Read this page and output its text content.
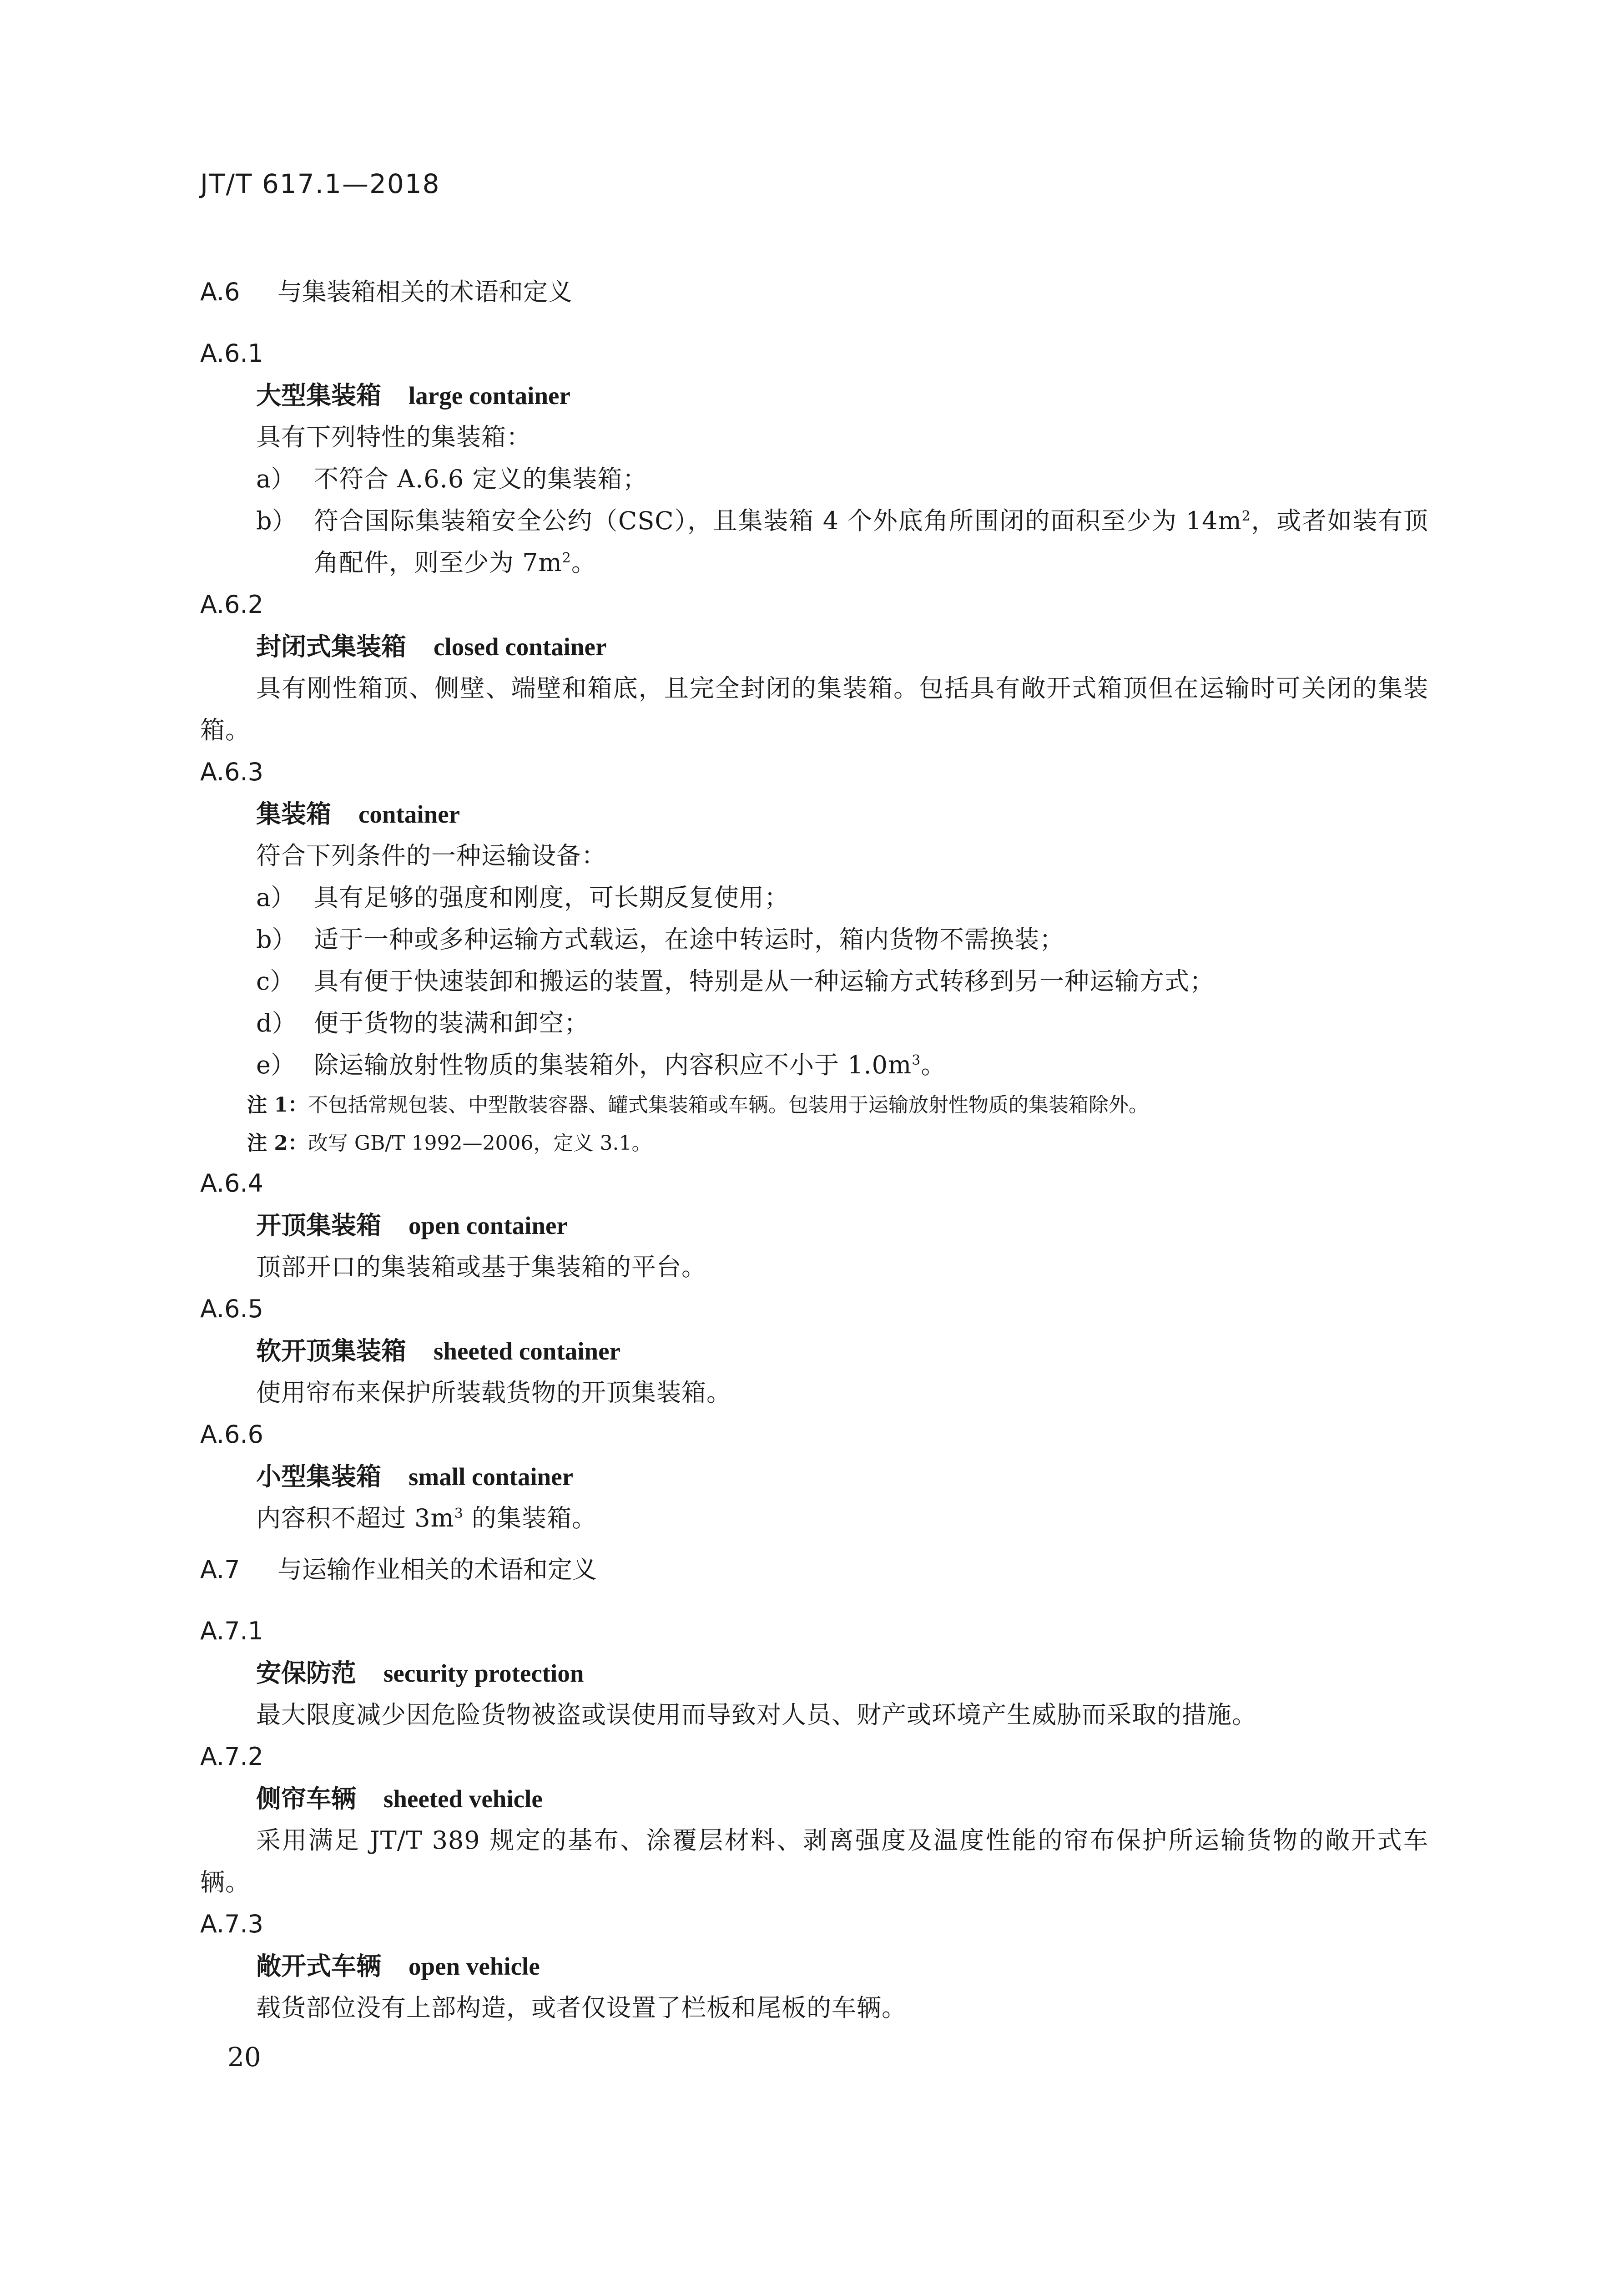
JT/T 617.1—2018
A.6 与集装箱相关的术语和定义
A.6.1
大型集装箱 large container
具有下列特性的集装箱：
a） 不符合 A.6.6 定义的集装箱；
b） 符合国际集装箱安全公约（CSC），且集装箱 4 个外底角所围闭的面积至少为 $14m^2$，或者如装有顶角配件，则至少为 $7m^2$。
A.6.2
封闭式集装箱 closed container
具有刚性箱顶、侧壁、端壁和箱底，且完全封闭的集装箱。包括具有敞开式箱顶但在运输时可关闭的集装箱。
A.6.3
集装箱 container
符合下列条件的一种运输设备：
a） 具有足够的强度和刚度，可长期反复使用；
b） 适于一种或多种运输方式载运，在途中转运时，箱内货物不需换装；
c） 具有便于快速装卸和搬运的装置，特别是从一种运输方式转移到另一种运输方式；
d） 便于货物的装满和卸空；
e） 除运输放射性物质的集装箱外，内容积应不小于 $1.0m^3$。
注 1：不包括常规包装、中型散装容器、罐式集装箱或车辆。包装用于运输放射性物质的集装箱除外。
注 2：改写 GB/T 1992—2006，定义 3.1。
A.6.4
开顶集装箱 open container
顶部开口的集装箱或基于集装箱的平台。
A.6.5
软开顶集装箱 sheeted container
使用帘布来保护所装载货物的开顶集装箱。
A.6.6
小型集装箱 small container
内容积不超过 $3m^3$ 的集装箱。
A.7 与运输作业相关的术语和定义
A.7.1
安保防范 security protection
最大限度减少因危险货物被盗或误使用而导致对人员、财产或环境产生威胁而采取的措施。
A.7.2
侧帘车辆 sheeted vehicle
采用满足 JT/T 389 规定的基布、涂覆层材料、剥离强度及温度性能的帘布保护所运输货物的敞开式车辆。
A.7.3
敞开式车辆 open vehicle
载货部位没有上部构造，或者仅设置了栏板和尾板的车辆。
20
